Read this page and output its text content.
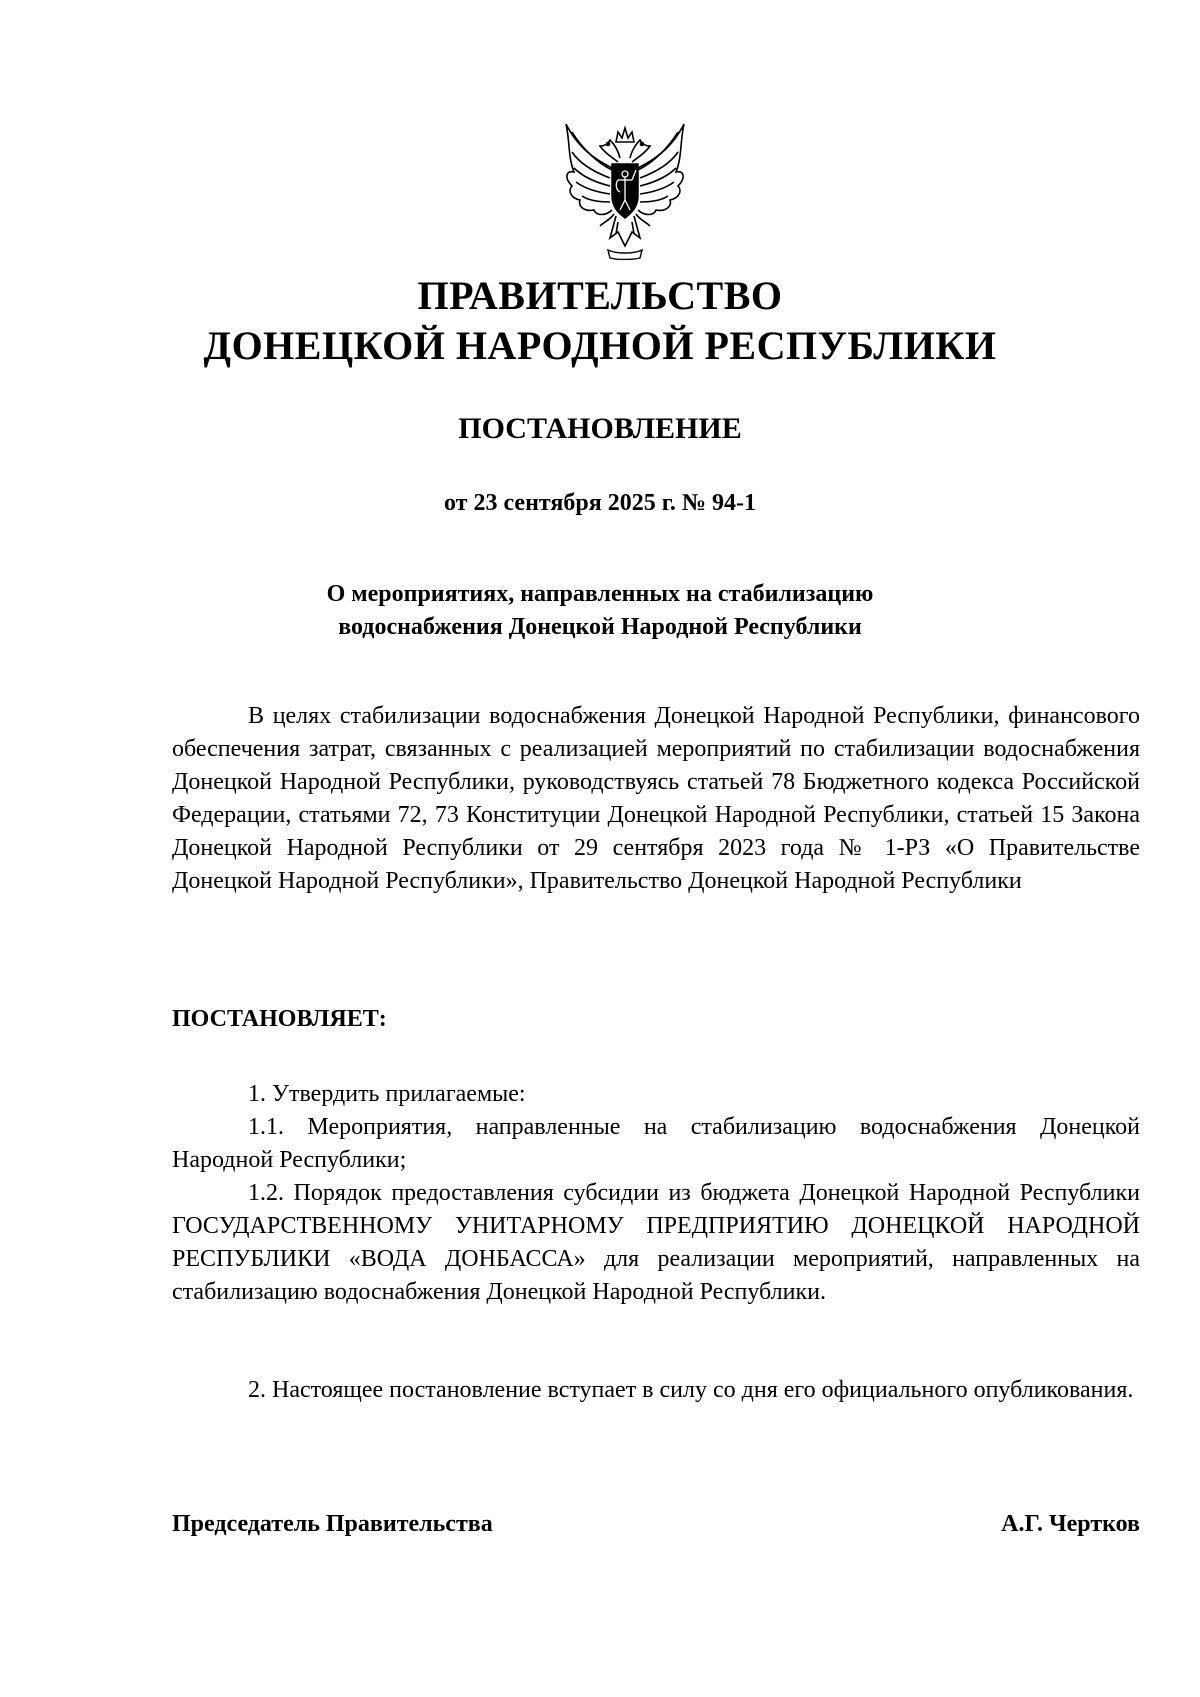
ПРАВИТЕЛЬСТВО
ДОНЕЦКОЙ НАРОДНОЙ РЕСПУБЛИКИ
ПОСТАНОВЛЕНИЕ
от 23 сентября 2025 г. № 94-1
О мероприятиях, направленных на стабилизацию
водоснабжения Донецкой Народной Республики

В целях стабилизации водоснабжения Донецкой Народной Республики, финансового обеспечения затрат, связанных с реализацией мероприятий по стабилизации водоснабжения Донецкой Народной Республики, руководствуясь статьей 78 Бюджетного кодекса Российской Федерации, статьями 72, 73 Конституции Донецкой Народной Республики, статьей 15 Закона Донецкой Народной Республики от 29 сентября 2023 года № 1-РЗ «О Правительстве Донецкой Народной Республики», Правительство Донецкой Народной Республики

ПОСТАНОВЛЯЕТ:

1. Утвердить прилагаемые:

1.1. Мероприятия, направленные на стабилизацию водоснабжения Донецкой Народной Республики;

1.2. Порядок предоставления субсидии из бюджета Донецкой Народной Республики ГОСУДАРСТВЕННОМУ УНИТАРНОМУ ПРЕДПРИЯТИЮ ДОНЕЦКОЙ НАРОДНОЙ РЕСПУБЛИКИ «ВОДА ДОНБАССА» для реализации мероприятий, направленных на стабилизацию водоснабжения Донецкой Народной Республики.

2. Настоящее постановление вступает в силу со дня его официального опубликования.

Председатель Правительства	А.Г. Чертков
